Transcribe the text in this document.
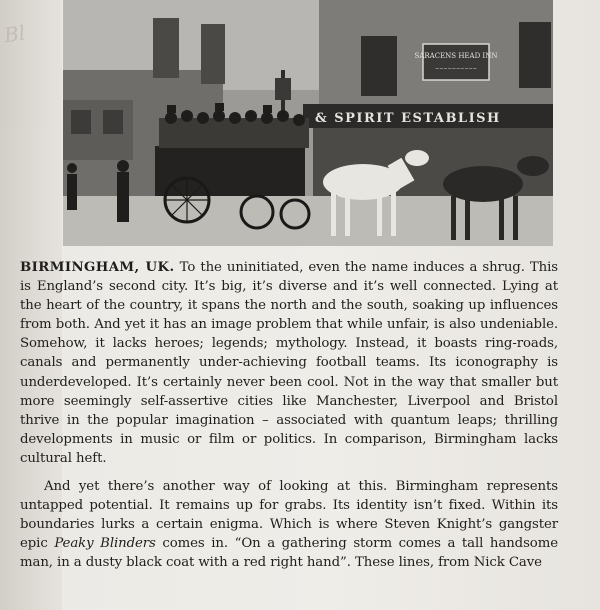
Bl
SARACENS HEAD INN
~~~~~~~~~~
& SPIRIT ESTABLISH

BIRMINGHAM, UK. To the uninitiated, even the name induces a shrug. This is England’s second city. It’s big, it’s diverse and it’s well connected. Lying at the heart of the country, it spans the north and the south, soaking up influences from both. And yet it has an image problem that while unfair, is also undeniable. Somehow, it lacks heroes; legends; mythology. Instead, it boasts ring-roads, canals and permanently under-achieving football teams. Its iconography is underdeveloped. It’s certainly never been cool. Not in the way that smaller but more seemingly self-assertive cities like Manchester, Liverpool and Bristol thrive in the popular imagination – associated with quantum leaps; thrilling developments in music or film or politics. In comparison, Birmingham lacks cultural heft.

And yet there’s another way of looking at this. Birmingham represents untapped potential. It remains up for grabs. Its identity isn’t fixed. Within its boundaries lurks a certain enigma. Which is where Steven Knight’s gangster epic Peaky Blinders comes in. “On a gathering storm comes a tall handsome man, in a dusty black coat with a red right hand”. These lines, from Nick Cave
